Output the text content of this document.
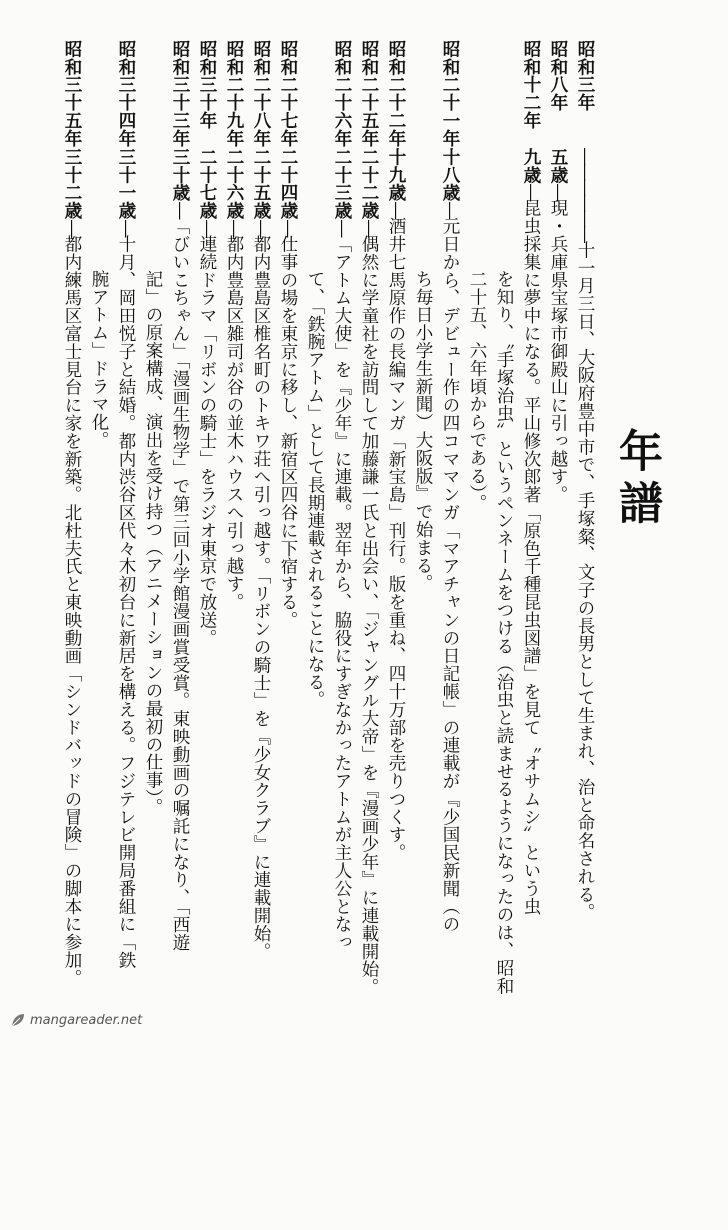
年譜
昭和三年――――――十一月三日、大阪府豊中市で、手塚粲、文子の長男として生まれ、治と命名される。
昭和八年五歳―現・兵庫県宝塚市御殿山に引っ越す。
昭和十二年九歳―昆虫採集に夢中になる。平山修次郎著「原色千種昆虫図譜」を見て〝オサムシ〟という虫
を知り、〝手塚治虫〟というペンネームをつける（治虫と読ませるようになったのは、昭和
二十五、六年頃からである）。
昭和二十一年十八歳―元日から、デビュー作の四コママンガ「マアチャンの日記帳」の連載が『少国民新聞（の
ち毎日小学生新聞）大阪版』で始まる。
昭和二十二年十九歳―酒井七馬原作の長編マンガ「新宝島」刊行。版を重ね、四十万部を売りつくす。
昭和二十五年二十二歳―偶然に学童社を訪問して加藤謙一氏と出会い、「ジャングル大帝」を『漫画少年』に連載開始。
昭和二十六年二十三歳―「アトム大使」を『少年』に連載。翌年から、脇役にすぎなかったアトムが主人公となっ
て、「鉄腕アトム」として長期連載されることになる。
昭和二十七年二十四歳―仕事の場を東京に移し、新宿区四谷に下宿する。
昭和二十八年二十五歳―都内豊島区椎名町のトキワ荘へ引っ越す。「リボンの騎士」を『少女クラブ』に連載開始。
昭和二十九年二十六歳―都内豊島区雑司が谷の並木ハウスへ引っ越す。
昭和三十年二十七歳―連続ドラマ「リボンの騎士」をラジオ東京で放送。
昭和三十三年三十歳―「びいこちゃん」「漫画生物学」で第三回小学館漫画賞受賞。東映動画の嘱託になり、「西遊
記」の原案構成、演出を受け持つ（アニメーションの最初の仕事）。
昭和三十四年三十一歳―十月、岡田悦子と結婚。都内渋谷区代々木初台に新居を構える。フジテレビ開局番組に「鉄
腕アトム」ドラマ化。
昭和三十五年三十二歳―都内練馬区富士見台に家を新築。北杜夫氏と東映動画「シンドバッドの冒険」の脚本に参加。
mangareader.net
